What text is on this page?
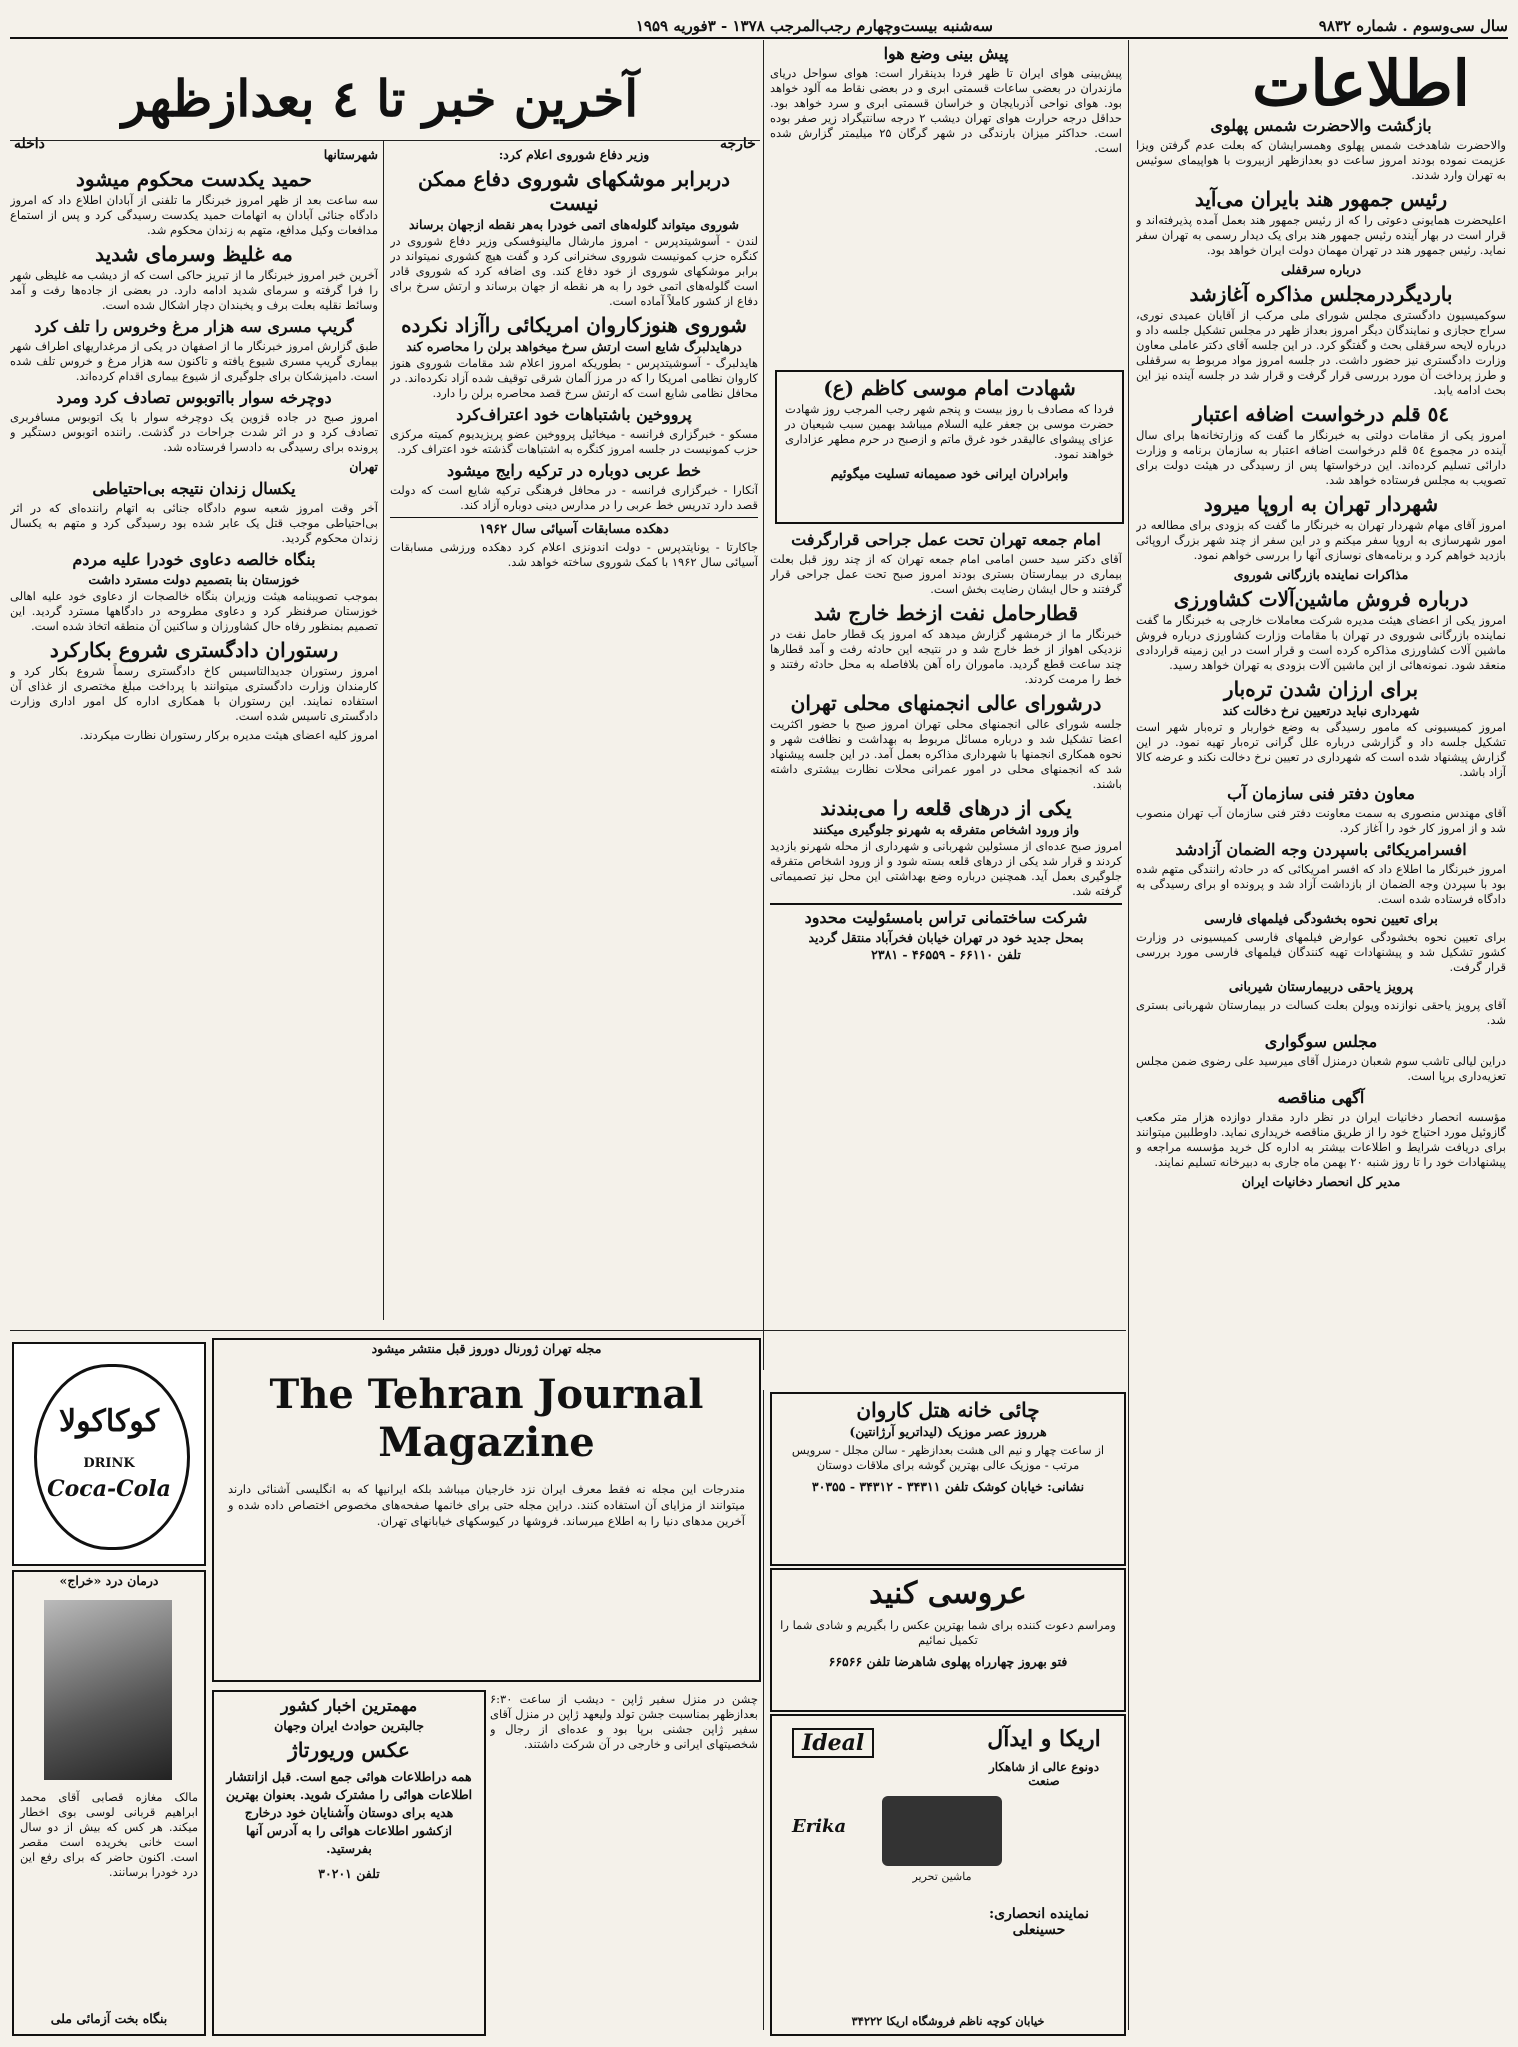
سال سی‌وسوم . شماره ۹۸۳۲
سه‌شنبه بیست‌وچهارم رجب‌المرجب ۱۳۷۸ - ۳فوریه ۱۹۵۹
اطلاعات
آخرین خبر تا ٤ بعدازظهر
خارجه
داخله
بازگشت والاحضرت شمس پهلوی

والاحضرت شاهدخت شمس پهلوی وهمسرایشان که بعلت عدم گرفتن ویزا عزیمت نموده بودند امروز ساعت دو بعدازظهر ازبیروت با هواپیمای سوئیس به تهران وارد شدند.

رئیس جمهور هند بایران می‌آید

اعلیحضرت همایونی دعوتی را که از رئیس جمهور هند بعمل آمده پذیرفته‌اند و قرار است در بهار آینده رئیس جمهور هند برای یک دیدار رسمی به تهران سفر نماید. رئیس جمهور هند در تهران مهمان دولت ایران خواهد بود.

درباره سرقفلی
باردیگردرمجلس مذاکره آغازشد

سوکمیسیون دادگستری مجلس شورای ملی مرکب از آقایان عمیدی نوری، سراج حجازی و نمایندگان دیگر امروز بعداز ظهر در مجلس تشکیل جلسه داد و درباره لایحه سرقفلی بحث و گفتگو کرد. در این جلسه آقای دکتر عاملی معاون وزارت دادگستری نیز حضور داشت. در جلسه امروز مواد مربوط به سرقفلی و طرز پرداخت آن مورد بررسی قرار گرفت و قرار شد در جلسه آینده نیز این بحث ادامه یابد.

٥٤ قلم درخواست اضافه اعتبار

امروز یکی از مقامات دولتی به خبرنگار ما گفت که وزارتخانه‌ها برای سال آینده در مجموع ٥٤ قلم درخواست اضافه اعتبار به سازمان برنامه و وزارت دارائی تسلیم کرده‌اند. این درخواستها پس از رسیدگی در هیئت دولت برای تصویب به مجلس فرستاده خواهد شد.

شهردار تهران به اروپا میرود

امروز آقای مهام شهردار تهران به خبرنگار ما گفت که بزودی برای مطالعه در امور شهرسازی به اروپا سفر میکنم و در این سفر از چند شهر بزرگ اروپائی بازدید خواهم کرد و برنامه‌های نوسازی آنها را بررسی خواهم نمود.

مذاکرات نماینده بازرگانی شوروی
درباره فروش ماشین‌آلات کشاورزی

امروز یکی از اعضای هیئت مدیره شرکت معاملات خارجی به خبرنگار ما گفت نماینده بازرگانی شوروی در تهران با مقامات وزارت کشاورزی درباره فروش ماشین آلات کشاورزی مذاکره کرده است و قرار است در این زمینه قراردادی منعقد شود. نمونه‌هائی از این ماشین آلات بزودی به تهران خواهد رسید.

برای ارزان شدن تره‌بار
شهرداری نباید درتعیین نرخ دخالت کند

امروز کمیسیونی که مامور رسیدگی به وضع خواربار و تره‌بار شهر است تشکیل جلسه داد و گزارشی درباره علل گرانی تره‌بار تهیه نمود. در این گزارش پیشنهاد شده است که شهرداری در تعیین نرخ دخالت نکند و عرضه کالا آزاد باشد.

معاون دفتر فنی سازمان آب

آقای مهندس منصوری به سمت معاونت دفتر فنی سازمان آب تهران منصوب شد و از امروز کار خود را آغاز کرد.

افسرامریکائی باسپردن وجه الضمان آزادشد

امروز خبرنگار ما اطلاع داد که افسر امریکائی که در حادثه رانندگی متهم شده بود با سپردن وجه الضمان از بازداشت آزاد شد و پرونده او برای رسیدگی به دادگاه فرستاده شده است.

برای تعیین نحوه بخشودگی فیلمهای فارسی

برای تعیین نحوه بخشودگی عوارض فیلمهای فارسی کمیسیونی در وزارت کشور تشکیل شد و پیشنهادات تهیه کنندگان فیلمهای فارسی مورد بررسی قرار گرفت.

پرویز یاحقی دربیمارستان شیربانی

آقای پرویز یاحقی نوازنده ویولن بعلت کسالت در بیمارستان شهربانی بستری شد.

مجلس سوگواری

دراین لیالی تاشب سوم شعبان درمنزل آقای میرسید علی رضوی ضمن مجلس تعزیه‌داری برپا است.

آگهی مناقصه

مؤسسه انحصار دخانیات ایران در نظر دارد مقدار دوازده هزار متر مکعب گازوئیل مورد احتیاج خود را از طریق مناقصه خریداری نماید. داوطلبین میتوانند برای دریافت شرایط و اطلاعات بیشتر به اداره کل خرید مؤسسه مراجعه و پیشنهادات خود را تا روز شنبه ٢٠ بهمن ماه جاری به دبیرخانه تسلیم نمایند.

مدیر کل انحصار دخانیات ایران
پیش بینی وضع هوا

پیش‌بینی هوای ایران تا ظهر فردا بدینقرار است: هوای سواحل دریای مازندران در بعضی ساعات قسمتی ابری و در بعضی نقاط مه آلود خواهد بود. هوای نواحی آذربایجان و خراسان قسمتی ابری و سرد خواهد بود. حداقل درجه حرارت هوای تهران دیشب ٢ درجه سانتیگراد زیر صفر بوده است. حداکثر میزان بارندگی در شهر گرگان ۲۵ میلیمتر گزارش شده است.

شهادت امام موسی کاظم (ع)

فردا که مصادف با روز بیست و پنجم شهر رجب المرجب روز شهادت حضرت موسی بن جعفر علیه السلام میباشد بهمین سبب شیعیان در عزای پیشوای عالیقدر خود غرق ماتم و ازصبح در حرم مطهر عزاداری خواهند نمود.

وابرادران ایرانی خود صمیمانه تسلیت میگوئیم
امام جمعه تهران تحت عمل جراحی قرارگرفت

آقای دکتر سید حسن امامی امام جمعه تهران که از چند روز قبل بعلت بیماری در بیمارستان بستری بودند امروز صبح تحت عمل جراحی قرار گرفتند و حال ایشان رضایت بخش است.

قطارحامل نفت ازخط خارج شد

خبرنگار ما از خرمشهر گزارش میدهد که امروز یک قطار حامل نفت در نزدیکی اهواز از خط خارج شد و در نتیجه این حادثه رفت و آمد قطارها چند ساعت قطع گردید. ماموران راه آهن بلافاصله به محل حادثه رفتند و خط را مرمت کردند.

درشورای عالی انجمنهای محلی تهران

جلسه شورای عالی انجمنهای محلی تهران امروز صبح با حضور اکثریت اعضا تشکیل شد و درباره مسائل مربوط به بهداشت و نظافت شهر و نحوه همکاری انجمنها با شهرداری مذاکره بعمل آمد. در این جلسه پیشنهاد شد که انجمنهای محلی در امور عمرانی محلات نظارت بیشتری داشته باشند.

یکی از درهای قلعه را می‌بندند
واز ورود اشخاص متفرقه به شهرنو جلوگیری میکنند

امروز صبح عده‌ای از مسئولین شهربانی و شهرداری از محله شهرنو بازدید کردند و قرار شد یکی از درهای قلعه بسته شود و از ورود اشخاص متفرقه جلوگیری بعمل آید. همچنین درباره وضع بهداشتی این محل نیز تصمیماتی گرفته شد.

شرکت ساختمانی تراس بامسئولیت محدود
بمحل جدید خود در تهران خیابان فخرآباد منتقل گردید
تلفن ۶۶۱۱۰ - ۴۶۵۵۹ - ۲۳۸۱
وزیر دفاع شوروی اعلام کرد:
دربرابر موشکهای شوروی دفاع ممکن نیست
شوروی میتواند گلوله‌های اتمی خودرا به‌هر نقطه ازجهان برساند

لندن - آسوشیتدپرس - امروز مارشال مالینوفسکی وزیر دفاع شوروی در کنگره حزب کمونیست شوروی سخنرانی کرد و گفت هیچ کشوری نمیتواند در برابر موشکهای شوروی از خود دفاع کند. وی اضافه کرد که شوروی قادر است گلوله‌های اتمی خود را به هر نقطه از جهان برساند و ارتش سرخ برای دفاع از کشور کاملاً آماده است.

شوروی هنوزکاروان امریکائی راآزاد نکرده
درهایدلبرگ شایع است ارتش سرخ میخواهد برلن را محاصره کند

هایدلبرگ - آسوشیتدپرس - بطوریکه امروز اعلام شد مقامات شوروی هنوز کاروان نظامی امریکا را که در مرز آلمان شرقی توقیف شده آزاد نکرده‌اند. در محافل نظامی شایع است که ارتش سرخ قصد محاصره برلن را دارد.

پرووخین باشتباهات خود اعتراف‌کرد

مسکو - خبرگزاری فرانسه - میخائیل پرووخین عضو پریزیدیوم کمیته مرکزی حزب کمونیست در جلسه امروز کنگره به اشتباهات گذشته خود اعتراف کرد.

خط عربی دوباره در ترکیه رایج میشود

آنکارا - خبرگزاری فرانسه - در محافل فرهنگی ترکیه شایع است که دولت قصد دارد تدریس خط عربی را در مدارس دینی دوباره آزاد کند.

دهکده مسابقات آسیائی سال ۱۹۶۲

جاکارتا - یونایتدپرس - دولت اندونزی اعلام کرد دهکده ورزشی مسابقات آسیائی سال ۱۹۶۲ با کمک شوروی ساخته خواهد شد.

شهرستانها
حمید یکدست محکوم میشود

سه ساعت بعد از ظهر امروز خبرنگار ما تلفنی از آبادان اطلاع داد که امروز دادگاه جنائی آبادان به اتهامات حمید یکدست رسیدگی کرد و پس از استماع مدافعات وکیل مدافع، متهم به زندان محکوم شد.

مه غلیظ وسرمای شدید

آخرین خبر امروز خبرنگار ما از تبریز حاکی است که از دیشب مه غلیظی شهر را فرا گرفته و سرمای شدید ادامه دارد. در بعضی از جاده‌ها رفت و آمد وسائط نقلیه بعلت برف و یخبندان دچار اشکال شده است.

گریپ مسری سه هزار مرغ وخروس را تلف کرد

طبق گزارش امروز خبرنگار ما از اصفهان در یکی از مرغداریهای اطراف شهر بیماری گریپ مسری شیوع یافته و تاکنون سه هزار مرغ و خروس تلف شده است. دامپزشکان برای جلوگیری از شیوع بیماری اقدام کرده‌اند.

دوچرخه سوار بااتوبوس تصادف کرد ومرد

امروز صبح در جاده قزوین یک دوچرخه سوار با یک اتوبوس مسافربری تصادف کرد و در اثر شدت جراحات در گذشت. راننده اتوبوس دستگیر و پرونده برای رسیدگی به دادسرا فرستاده شد.

تهران
یکسال زندان نتیجه بی‌احتیاطی

آخر وقت امروز شعبه سوم دادگاه جنائی به اتهام راننده‌ای که در اثر بی‌احتیاطی موجب قتل یک عابر شده بود رسیدگی کرد و متهم به یکسال زندان محکوم گردید.

بنگاه خالصه دعاوی خودرا علیه مردم
خوزستان بنا بتصمیم دولت مسترد داشت

بموجب تصویبنامه هیئت وزیران بنگاه خالصجات از دعاوی خود علیه اهالی خوزستان صرفنظر کرد و دعاوی مطروحه در دادگاهها مسترد گردید. این تصمیم بمنظور رفاه حال کشاورزان و ساکنین آن منطقه اتخاذ شده است.

رستوران دادگستری شروع بکارکرد

امروز رستوران جدیدالتاسیس کاخ دادگستری رسماً شروع بکار کرد و کارمندان وزارت دادگستری میتوانند با پرداخت مبلغ مختصری از غذای آن استفاده نمایند. این رستوران با همکاری اداره کل امور اداری وزارت دادگستری تاسیس شده است.

امروز کلیه اعضای هیئت مدیره برکار رستوران نظارت میکردند.

مجله تهران ژورنال دوروز قبل منتشر میشود
The Tehran Journal
Magazine

مندرجات این مجله نه فقط معرف ایران نزد خارجیان میباشد بلکه ایرانیها که به انگلیسی آشنائی دارند میتوانند از مزایای آن استفاده کنند. دراین مجله حتی برای خانمها صفحه‌های مخصوص اختصاص داده شده و آخرین مدهای دنیا را به اطلاع میرساند. فروشها در کیوسکهای خیابانهای تهران.

کوکاکولا
DRINK
Coca-Cola
درمان درد «خراج»

مالک مغازه قصابی آقای محمد ابراهیم قربانی لوسی بوی اخطار میکند. هر کس که بیش از دو سال است خانی بخریده است مقصر است. اکنون حاضر که برای رفع این درد خودرا برسانند.

بنگاه بخت آزمائی ملی
مهمترین اخبار کشور
جالبترین حوادث ایران وجهان
عکس وریورتاژ

همه دراطلاعات هوائی جمع است. قبل ازانتشار اطلاعات هوائی را مشترک شوید. بعنوان بهترین هدیه برای دوستان وآشنایان خود درخارج ازکشور اطلاعات هوائی را به آدرس آنها بفرستید.

تلفن ۳۰۲۰۱

چشن در منزل سفیر ژاپن - دیشب از ساعت ۶:۳۰ بعدازظهر بمناسبت جشن تولد ولیعهد ژاپن در منزل آقای سفیر ژاپن جشنی برپا بود و عده‌ای از رجال و شخصیتهای ایرانی و خارجی در آن شرکت داشتند.

چائی خانه هتل کاروان
هرروز عصر موزیک (لیداتریو آرژانتین)

از ساعت چهار و نیم الی هشت بعدازظهر - سالن مجلل - سرویس مرتب - موزیک عالی بهترین گوشه برای ملاقات دوستان

نشانی: خیابان کوشک تلفن ۳۴۳۱۱ - ۳۴۳۱۲ - ۳۰۳۵۵
عروسی کنید

ومراسم دعوت کننده برای شما بهترین عکس را بگیریم و شادی شما را تکمیل نمائیم

فتو بهروز چهارراه پهلوی شاهرضا تلفن ۶۶۵۶۶
اریکا و ایدآل
دونوع عالی از شاهکار صنعت
Ideal
Erika
ماشین تحریر
نماینده انحصاری: حسینعلی
خیابان کوچه ناظم فروشگاه اریکا ۳۴۲۲۲
